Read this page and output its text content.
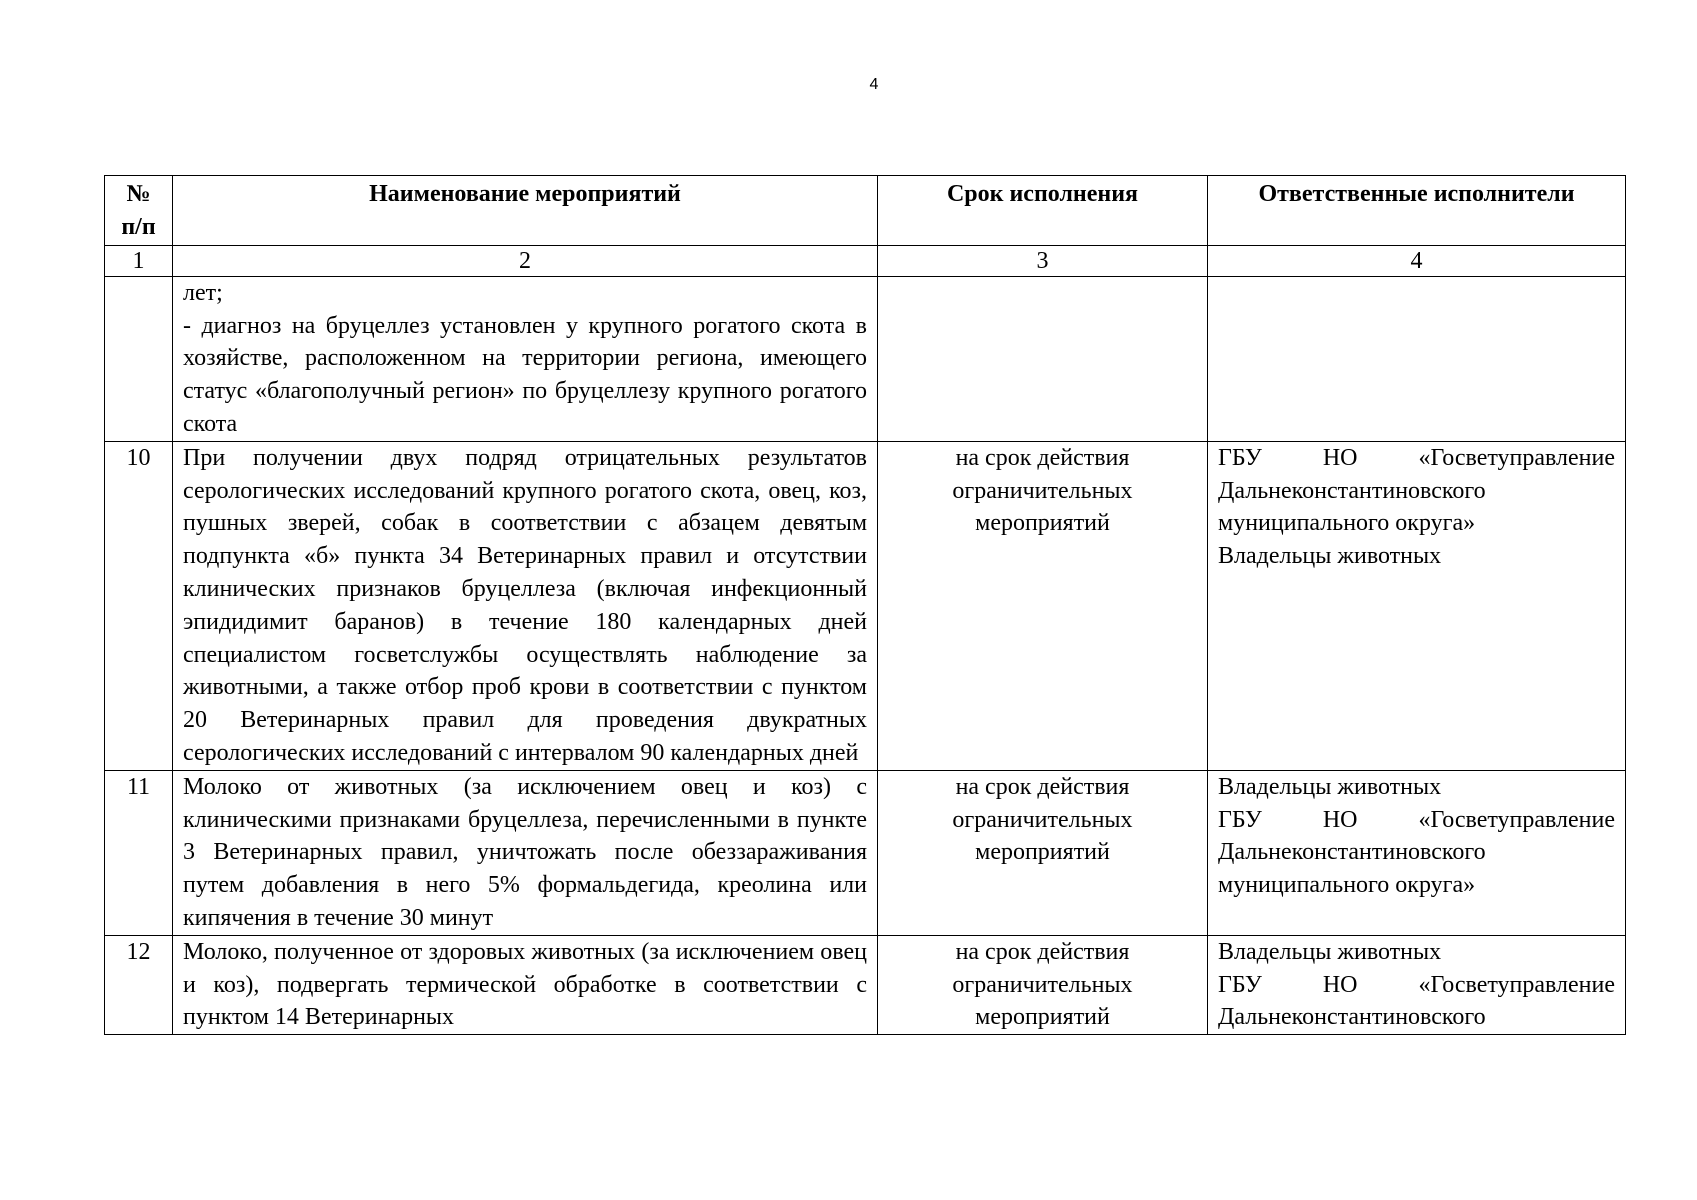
4
№ п/п	Наименование мероприятий	Срок исполнения	Ответственные исполнители
1	2	3	4

	лет;
- диагноз на бруцеллез установлен у крупного рогатого скота в хозяйстве, расположенном на территории региона, имеющего статус «благополучный регион» по бруцеллезу крупного рогатого скота		

10	При получении двух подряд отрицательных результатов серологических исследований крупного рогатого скота, овец, коз, пушных зверей, собак в соответствии с абзацем девятым подпункта «б» пункта 34 Ветеринарных правил и отсутствии клинических признаков бруцеллеза (включая инфекционный эпидидимит баранов) в течение 180 календарных дней специалистом госветслужбы осуществлять наблюдение за животными, а также отбор проб крови в соответствии с пунктом 20 Ветеринарных правил для проведения двукратных серологических исследований с интервалом 90 календарных дней	на срок действия ограничительных мероприятий	ГБУ НО «Госветуправление Дальнеконстантиновского муниципального округа»
Владельцы животных

11	Молоко от животных (за исключением овец и коз) с клиническими признаками бруцеллеза, перечисленными в пункте 3 Ветеринарных правил, уничтожать после обеззараживания путем добавления в него 5% формальдегида, креолина или кипячения в течение 30 минут	на срок действия ограничительных мероприятий	Владельцы животных
ГБУ НО «Госветуправление Дальнеконстантиновского муниципального округа»

12	Молоко, полученное от здоровых животных (за исключением овец и коз), подвергать термической обработке в соответствии с пунктом 14 Ветеринарных	на срок действия ограничительных мероприятий	Владельцы животных
ГБУ НО «Госветуправление Дальнеконстантиновского
